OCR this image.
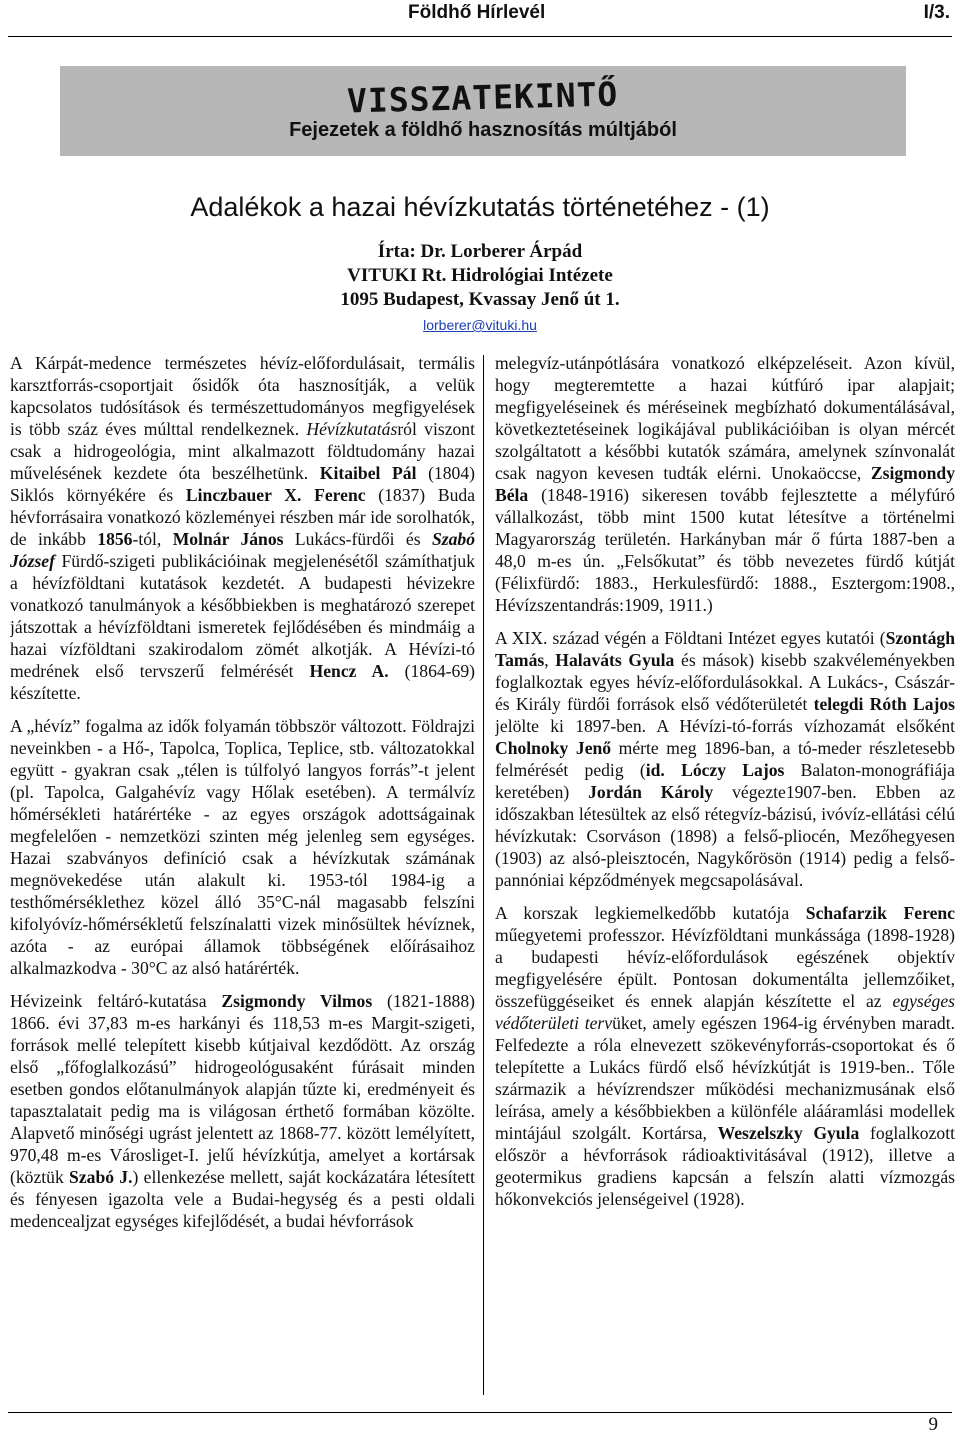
Földhő Hírlevél	I/3.
VISSZATEKINTŐ
Fejezetek a földhő hasznosítás múltjából
Adalékok a hazai hévízkutatás történetéhez - (1)
Írta: Dr. Lorberer Árpád
VITUKI Rt. Hidrológiai Intézete
1095 Budapest, Kvassay Jenő út 1.
lorberer@vituki.hu

A Kárpát-medence természetes hévíz-előfordulásait, termális karsztforrás-csoportjait ősidők óta hasznosítják, a velük kapcsolatos tudósítások és természettudományos megfigyelések is több száz éves múlttal rendelkeznek. Hévízkutatásról viszont csak a hidrogeológia, mint alkalmazott földtudomány hazai művelésének kezdete óta beszélhetünk. Kitaibel Pál (1804) Siklós környékére és Linczbauer X. Ferenc (1837) Buda hévforrásaira vonatkozó közleményei részben már ide sorolhatók, de inkább 1856-tól, Molnár János Lukács-fürdői és Szabó József Fürdő-szigeti publikációinak megjelenésétől számíthatjuk a hévízföldtani kutatások kezdetét. A budapesti hévizekre vonatkozó tanulmányok a későbbiekben is meghatározó szerepet játszottak a hévízföldtani ismeretek fejlődésében és mindmáig a hazai vízföldtani szakirodalom zömét alkotják. A Hévízi-tó medrének első tervszerű felmérését Hencz A. (1864-69) készítette.

A „hévíz” fogalma az idők folyamán többször változott. Földrajzi neveinkben - a Hő-, Tapolca, Toplica, Teplice, stb. változatokkal együtt - gyakran csak „télen is túlfolyó langyos forrás”-t jelent (pl. Tapolca, Galgahévíz vagy Hőlak esetében). A termálvíz hőmérsékleti határértéke - az egyes országok adottságainak megfelelően - nemzetközi szinten még jelenleg sem egységes. Hazai szabványos definíció csak a hévízkutak számának megnövekedése után alakult ki. 1953-tól 1984-ig a testhőmérséklethez közel álló 35°C-nál magasabb felszíni kifolyóvíz-hőmérsékletű felszínalatti vizek minősültek hévíznek, azóta - az európai államok többségének előírásaihoz alkalmazkodva - 30°C az alsó határérték.

Hévizeink feltáró-kutatása Zsigmondy Vilmos (1821-1888) 1866. évi 37,83 m-es harkányi és 118,53 m-es Margit-szigeti, források mellé telepített kisebb kútjaival kezdődött. Az ország első „főfoglalkozású” hidrogeológusaként fúrásait minden esetben gondos előtanulmányok alapján tűzte ki, eredményeit és tapasztalatait pedig ma is világosan érthető formában közölte. Alapvető minőségi ugrást jelentett az 1868-77. között lemélyített, 970,48 m-es Városliget-I. jelű hévízkútja, amelyet a kortársak (köztük Szabó J.) ellenkezése mellett, saját kockázatára létesített és fényesen igazolta vele a Budai-hegység és a pesti oldali medencealjzat egységes kifejlődését, a budai hévforrások

melegvíz-utánpótlására vonatkozó elképzeléseit. Azon kívül, hogy megteremtette a hazai kútfúró ipar alapjait; megfigyeléseinek és méréseinek megbízható dokumentálásával, következtetéseinek logikájával publikációiban is olyan mércét szolgáltatott a későbbi kutatók számára, amelynek színvonalát csak nagyon kevesen tudták elérni. Unokaöccse, Zsigmondy Béla (1848-1916) sikeresen tovább fejlesztette a mélyfúró vállalkozást, több mint 1500 kutat létesítve a történelmi Magyarország területén. Harkányban már ő fúrta 1887-ben a 48,0 m-es ún. „Felsőkutat” és több nevezetes fürdő kútját (Félixfürdő: 1883., Herkulesfürdő: 1888., Esztergom:1908., Hévízszentandrás:1909, 1911.)

A XIX. század végén a Földtani Intézet egyes kutatói (Szontágh Tamás, Halaváts Gyula és mások) kisebb szakvéleményekben foglalkoztak egyes hévíz-előfordulásokkal. A Lukács-, Császár- és Király fürdői források első védőterületét telegdi Róth Lajos jelölte ki 1897-ben. A Hévízi-tó-forrás vízhozamát elsőként Cholnoky Jenő mérte meg 1896-ban, a tó-meder részletesebb felmérését pedig (id. Lóczy Lajos Balaton-monográfiája keretében) Jordán Károly végezte1907-ben. Ebben az időszakban létesültek az első rétegvíz-bázisú, ivóvíz-ellátási célú hévízkutak: Csorváson (1898) a felső-pliocén, Mezőhegyesen (1903) az alsó-pleisztocén, Nagykőrösön (1914) pedig a felső-pannóniai képződmények megcsapolásával.

A korszak legkiemelkedőbb kutatója Schafarzik Ferenc műegyetemi professzor. Hévízföldtani munkássága (1898-1928) a budapesti hévíz-előfordulások egészének objektív megfigyelésére épült. Pontosan dokumentálta jellemzőiket, összefüggéseiket és ennek alapján készítette el az egységes védőterületi tervüket, amely egészen 1964-ig érvényben maradt. Felfedezte a róla elnevezett szökevényforrás-csoportokat és ő telepítette a Lukács fürdő első hévízkútját is 1919-ben.. Tőle származik a hévízrendszer működési mechanizmusának első leírása, amely a későbbiekben a különféle alááramlási modellek mintájául szolgált. Kortársa, Weszelszky Gyula foglalkozott először a hévforrások rádioaktivitásával (1912), illetve a geotermikus gradiens kapcsán a felszín alatti vízmozgás hőkonvekciós jelenségeivel (1928).

9
